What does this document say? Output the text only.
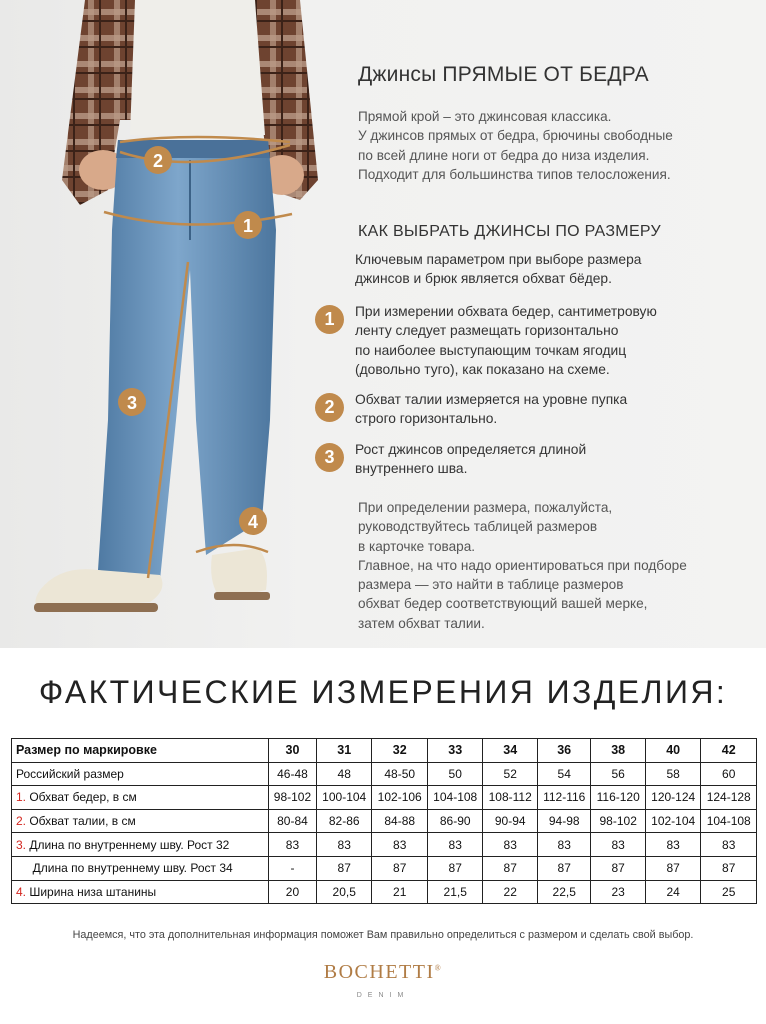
2
1
3
4
Джинсы ПРЯМЫЕ ОТ БЕДРА
Прямой крой – это джинсовая классика.
У джинсов прямых от бедра, брючины свободные
по всей длине ноги от бедра до низа изделия.
Подходит для большинства типов телосложения.
КАК ВЫБРАТЬ ДЖИНСЫ ПО РАЗМЕРУ
Ключевым параметром при выборе размера
джинсов и брюк является обхват бёдер.
1	При измерении обхвата бедер, сантиметровую
ленту следует размещать горизонтально
по наиболее выступающим точкам ягодиц
(довольно туго), как показано на схеме.
2	Обхват талии измеряется на уровне пупка
строго горизонтально.
3	Рост джинсов определяется длиной
внутреннего шва.
При определении размера, пожалуйста,
руководствуйтесь таблицей размеров
в карточке товара.
Главное, на что надо ориентироваться при подборе
размера — это найти в таблице размеров
обхват бедер соответствующий вашей мерке,
затем обхват талии.
ФАКТИЧЕСКИЕ ИЗМЕРЕНИЯ ИЗДЕЛИЯ:
Размер по маркировке	30	31	32	33	34	36	38	40	42
Российский размер	46-48	48	48-50	50	52	54	56	58	60
1. Обхват бедер, в см	98-102	100-104	102-106	104-108	108-112	112-116	116-120	120-124	124-128
2. Обхват талии, в см	80-84	82-86	84-88	86-90	90-94	94-98	98-102	102-104	104-108
3. Длина по внутреннему шву. Рост 32	83	83	83	83	83	83	83	83	83
Длина по внутреннему шву. Рост 34	-	87	87	87	87	87	87	87	87
4. Ширина низа штанины	20	20,5	21	21,5	22	22,5	23	24	25
Надеемся, что эта дополнительная информация поможет Вам правильно определиться с размером и сделать свой выбор.
BOCHETTI®
DENIM
